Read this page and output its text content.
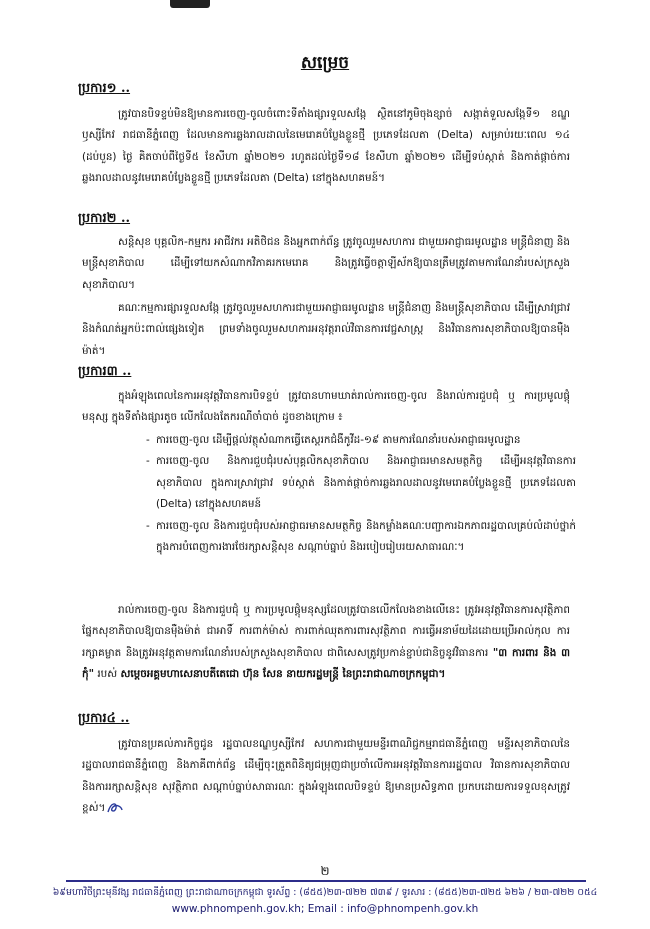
សម្រេច
ប្រការ១ ..
ត្រូវបានបិទខ្ទប់មិនឱ្យមានការចេញ-ចូលចំពោះទីតាំងផ្សារទួលសង្កែ ស្ថិតនៅភូមិចុងខ្សាច់ សង្កាត់ទួលសង្កែទី១ ខណ្ឌឫស្សីកែវ រាជធានីភ្នំពេញ ដែលមានការឆ្លងរាលដាលនៃមេរោគបំប្លែងខ្លួនថ្មី ប្រភេទដែលតា (Delta) សម្រាប់រយៈពេល ១៤ (ដប់បួន) ថ្ងៃ គិតចាប់ពីថ្ងៃទី៥ ខែសីហា ឆ្នាំ២០២១ រហូតដល់ថ្ងៃទី១៨ ខែសីហា ឆ្នាំ២០២១ ដើម្បីទប់ស្កាត់ និងកាត់ផ្តាច់ការឆ្លងរាលដាលនូវមេរោគបំប្លែងខ្លួនថ្មី ប្រភេទដែលតា (Delta) នៅក្នុងសហគមន៍។
ប្រការ២ ..
សន្តិសុខ បុគ្គលិក-កម្មករ អាជីវករ អតិថិជន និងអ្នកពាក់ព័ន្ធ ត្រូវចូលរួមសហការ ជាមួយអាជ្ញាធរមូលដ្ឋាន មន្ត្រីជំនាញ និងមន្ត្រីសុខាភិបាល ដើម្បីទៅយកសំណាកវិភាគរកមេរោគ និងត្រូវធ្វើចត្តាឡីស័កឱ្យបានត្រឹមត្រូវតាមការណែនាំរបស់ក្រសួងសុខាភិបាល។
គណៈកម្មការផ្សារទួលសង្កែ ត្រូវចូលរួមសហការជាមួយអាជ្ញាធរមូលដ្ឋាន មន្ត្រីជំនាញ និងមន្ត្រីសុខាភិបាល ដើម្បីស្រាវជ្រាវ និងកំណត់អ្នកប៉ះពាល់ផ្សេងទៀត ព្រមទាំងចូលរួមសហការអនុវត្តរាល់វិធានការវេជ្ជសាស្ត្រ និងវិធានការសុខាភិបាលឱ្យបានម៉ឺងម៉ាត់។
ប្រការ៣ ..
ក្នុងអំឡុងពេលនៃការអនុវត្តវិធានការបិទខ្ទប់ ត្រូវបានហាមឃាត់រាល់ការចេញ-ចូល និងរាល់ការជួបជុំ ឬ ការប្រមូលផ្តុំមនុស្ស ក្នុងទីតាំងផ្សារតូច លើកលែងតែករណីចាំបាច់ ដូចខាងក្រោម ៖
- ការចេញ-ចូល ដើម្បីផ្តល់វត្ថុសំណាកធ្វើតេស្តរកជំងឺកូវីដ-១៩ តាមការណែនាំរបស់អាជ្ញាធរមូលដ្ឋាន
- ការចេញ-ចូល និងការជួបជុំរបស់បុគ្គលិកសុខាភិបាល និងអាជ្ញាធរមានសមត្ថកិច្ច ដើម្បីអនុវត្តវិធានការសុខាភិបាល ក្នុងការស្រាវជ្រាវ ទប់ស្កាត់ និងកាត់ផ្តាច់ការឆ្លងរាលដាលនូវមេរោគបំប្លែងខ្លួនថ្មី ប្រភេទដែលតា (Delta) នៅក្នុងសហគមន៍
- ការចេញ-ចូល និងការជួបជុំរបស់អាជ្ញាធរមានសមត្ថកិច្ច និងកម្លាំងគណៈបញ្ជាការឯកភាពរដ្ឋបាលគ្រប់លំដាប់ថ្នាក់ ក្នុងការបំពេញការងារថែរក្សាសន្តិសុខ សណ្តាប់ធ្នាប់ និងរបៀបរៀបរយសាធារណៈ។
រាល់ការចេញ-ចូល និងការជួបជុំ ឬ ការប្រមូលផ្តុំមនុស្សដែលត្រូវបានលើកលែងខាងលើនេះ ត្រូវអនុវត្តវិធានការសុវត្ថិភាពផ្នែកសុខាភិបាលឱ្យបានម៉ឺងម៉ាត់ ជាអាទិ៍ ការពាក់ម៉ាស់ ការពាក់ឈុតការពារសុវត្ថិភាព ការធ្វើអនាម័យដៃដោយប្រើអាល់កុល ការរក្សាគម្លាត និងត្រូវអនុវត្តតាមការណែនាំរបស់ក្រសួងសុខាភិបាល ជាពិសេសត្រូវប្រកាន់ខ្ជាប់ជានិច្ចនូវវិធានការ "៣ ការពារ និង ៣ កុំ" របស់ សម្តេចអគ្គមហាសេនាបតីតេជោ ហ៊ុន សែន នាយករដ្ឋមន្ត្រី នៃព្រះរាជាណាចក្រកម្ពុជា។
ប្រការ៤ ..
ត្រូវបានប្រគល់ភារកិច្ចជូន រដ្ឋបាលខណ្ឌឫស្សីកែវ សហការជាមួយមន្ទីរពាណិជ្ជកម្មរាជធានីភ្នំពេញ មន្ទីរសុខាភិបាលនៃរដ្ឋបាលរាជធានីភ្នំពេញ និងភាគីពាក់ព័ន្ធ ដើម្បីចុះត្រួតពិនិត្យជម្រុញជាប្រចាំលើការអនុវត្តវិធានការរដ្ឋបាល វិធានការសុខាភិបាល និងការរក្សាសន្តិសុខ សុវត្ថិភាព សណ្តាប់ធ្នាប់សាធារណៈ ក្នុងអំឡុងពេលបិទខ្ទប់ ឱ្យមានប្រសិទ្ធភាព ប្រកបដោយការទទួលខុសត្រូវខ្ពស់។
២
៦៩មហាវិថីព្រះមុនីវង្ស រាជធានីភ្នំពេញ ព្រះរាជាណាចក្រកម្ពុជា ទូរស័ព្ទ : (៨៥៥)២៣-៧២២ ៧៣៩ / ទូរសារ : (៨៥៥)២៣-៧២៥ ៦២៦ / ២៣-៧២២ ០៥៤
www.phnompenh.gov.kh; Email : info@phnompenh.gov.kh
